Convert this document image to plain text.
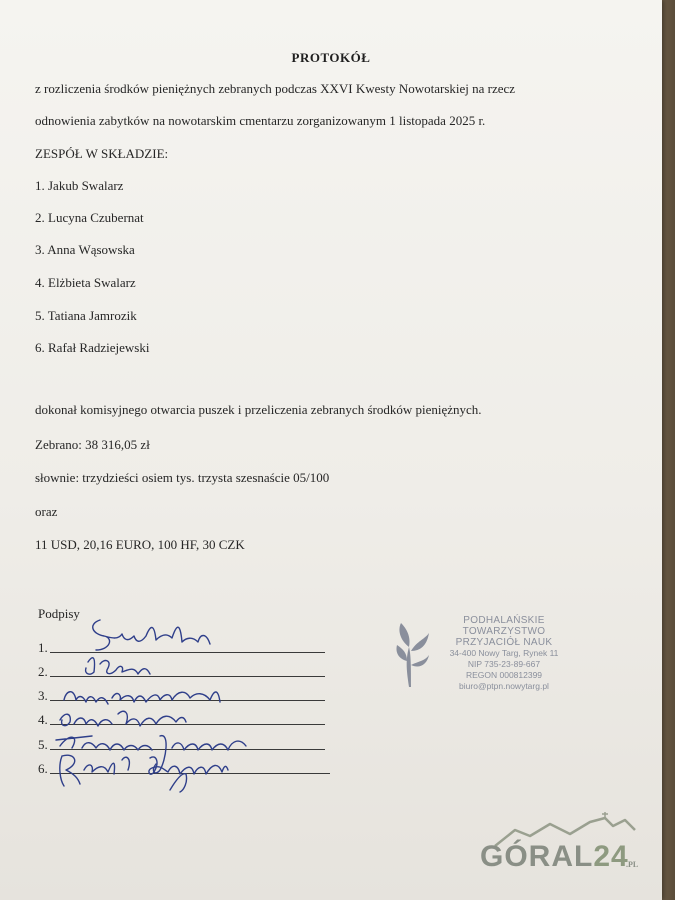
PROTOKÓŁ
z rozliczenia środków pieniężnych zebranych podczas XXVI Kwesty Nowotarskiej na rzecz
odnowienia zabytków na nowotarskim cmentarzu zorganizowanym 1 listopada 2025 r.
ZESPÓŁ W SKŁADZIE:
1. Jakub Swalarz
2. Lucyna Czubernat
3. Anna Wąsowska
4. Elżbieta Swalarz
5. Tatiana Jamrozik
6. Rafał Radziejewski
dokonał komisyjnego otwarcia puszek i przeliczenia zebranych środków pieniężnych.
Zebrano: 38 316,05 zł
słownie: trzydzieści osiem tys. trzysta szesnaście 05/100
oraz
11 USD, 20,16 EURO, 100 HF, 30 CZK
Podpisy
1.
2.
3.
4.
5.
6.
PODHALAŃSKIE TOWARZYSTWO
PRZYJACIÓŁ NAUK
34-400 Nowy Targ, Rynek 11
NIP 735-23-89-667
REGON 000812399
biuro@ptpn.nowytarg.pl
GÓRAL24
.PL
